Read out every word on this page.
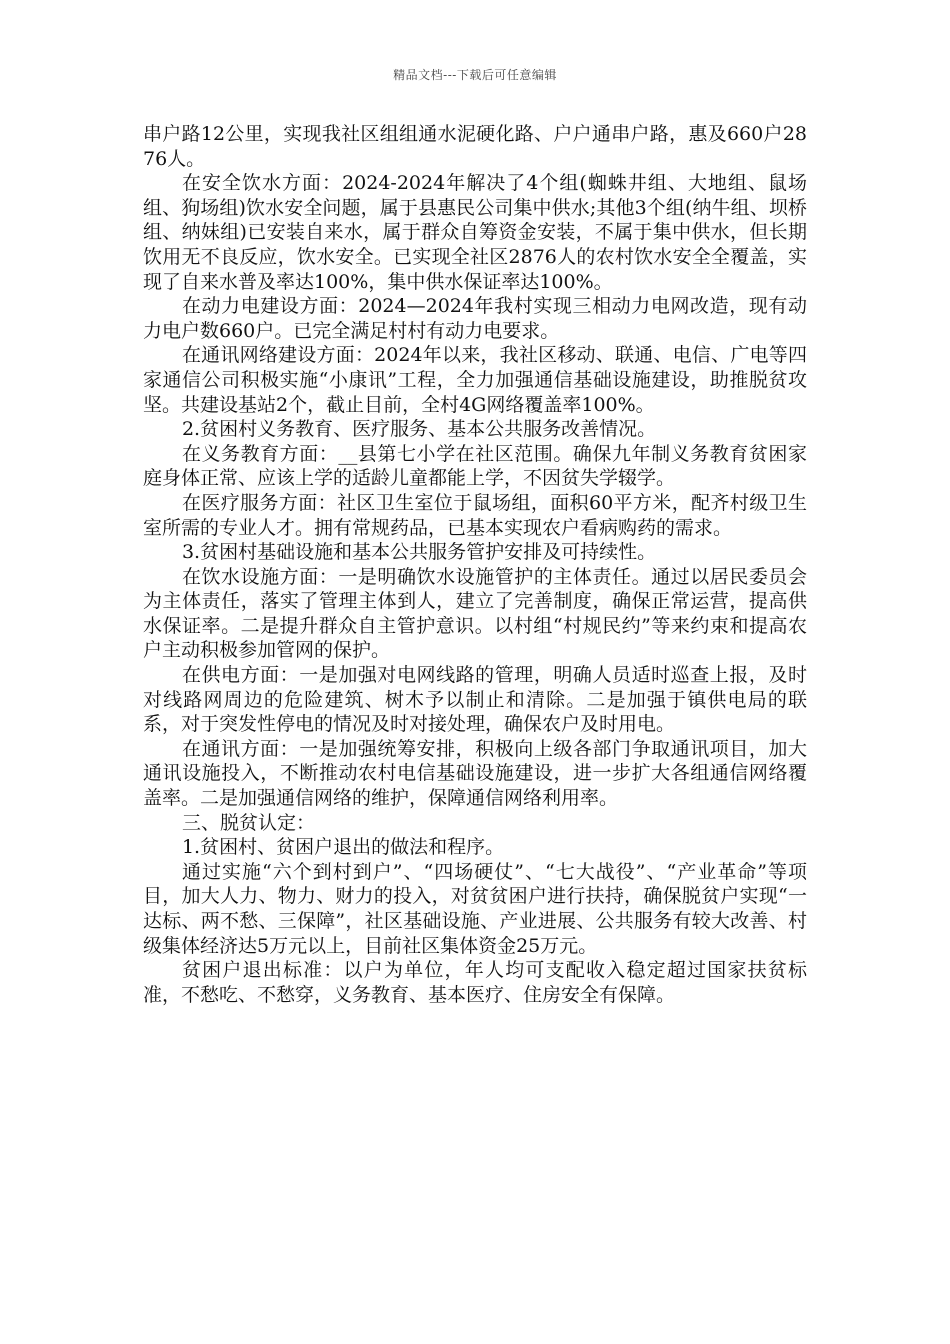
精品文档---下载后可任意编辑

串户路12公里，实现我社区组组通水泥硬化路、户户通串户路，惠及660户2876人。

在安全饮水方面：2024-2024年解决了4个组(蜘蛛井组、大地组、鼠场组、狗场组)饮水安全问题，属于县惠民公司集中供水;其他3个组(纳牛组、坝桥组、纳妹组)已安装自来水，属于群众自筹资金安装，不属于集中供水，但长期饮用无不良反应，饮水安全。已实现全社区2876人的农村饮水安全全覆盖，实现了自来水普及率达100%，集中供水保证率达100%。

在动力电建设方面：2024—2024年我村实现三相动力电网改造，现有动力电户数660户。已完全满足村村有动力电要求。

在通讯网络建设方面：2024年以来，我社区移动、联通、电信、广电等四家通信公司积极实施“小康讯”工程，全力加强通信基础设施建设，助推脱贫攻坚。共建设基站2个，截止目前，全村4G网络覆盖率100%。

2.贫困村义务教育、医疗服务、基本公共服务改善情况。

在义务教育方面：__县第七小学在社区范围。确保九年制义务教育贫困家庭身体正常、应该上学的适龄儿童都能上学，不因贫失学辍学。

在医疗服务方面：社区卫生室位于鼠场组，面积60平方米，配齐村级卫生室所需的专业人才。拥有常规药品，已基本实现农户看病购药的需求。

3.贫困村基础设施和基本公共服务管护安排及可持续性。

在饮水设施方面：一是明确饮水设施管护的主体责任。通过以居民委员会为主体责任，落实了管理主体到人，建立了完善制度，确保正常运营，提高供水保证率。二是提升群众自主管护意识。以村组“村规民约”等来约束和提高农户主动积极参加管网的保护。

在供电方面：一是加强对电网线路的管理，明确人员适时巡查上报，及时对线路网周边的危险建筑、树木予以制止和清除。二是加强于镇供电局的联系，对于突发性停电的情况及时对接处理，确保农户及时用电。

在通讯方面：一是加强统筹安排，积极向上级各部门争取通讯项目，加大通讯设施投入，不断推动农村电信基础设施建设，进一步扩大各组通信网络覆盖率。二是加强通信网络的维护，保障通信网络利用率。

三、脱贫认定：

1.贫困村、贫困户退出的做法和程序。

通过实施“六个到村到户”、“四场硬仗”、“七大战役”、“产业革命”等项目，加大人力、物力、财力的投入，对贫贫困户进行扶持，确保脱贫户实现“一达标、两不愁、三保障”，社区基础设施、产业进展、公共服务有较大改善、村级集体经济达5万元以上，目前社区集体资金25万元。

贫困户退出标准：以户为单位，年人均可支配收入稳定超过国家扶贫标准，不愁吃、不愁穿，义务教育、基本医疗、住房安全有保障。
